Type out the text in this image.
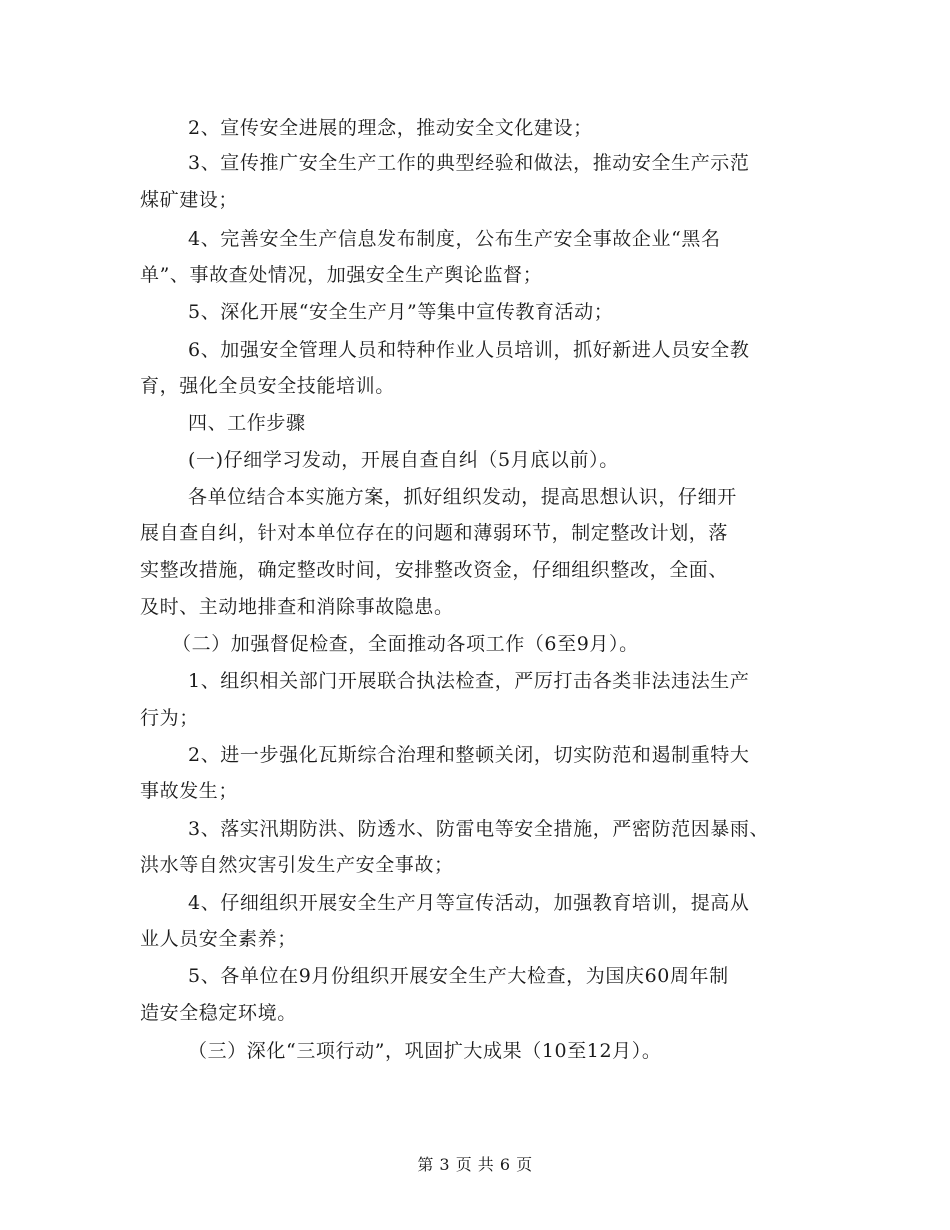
2、宣传安全进展的理念，推动安全文化建设；
3、宣传推广安全生产工作的典型经验和做法，推动安全生产示范
煤矿建设；
4、完善安全生产信息发布制度，公布生产安全事故企业“黑名
单”、事故查处情况，加强安全生产舆论监督；
5、深化开展“安全生产月”等集中宣传教育活动；
6、加强安全管理人员和特种作业人员培训，抓好新进人员安全教
育，强化全员安全技能培训。
四、工作步骤
(一)仔细学习发动，开展自查自纠（5月底以前）。
各单位结合本实施方案，抓好组织发动，提高思想认识，仔细开
展自查自纠，针对本单位存在的问题和薄弱环节，制定整改计划，落
实整改措施，确定整改时间，安排整改资金，仔细组织整改，全面、
及时、主动地排查和消除事故隐患。
（二）加强督促检查，全面推动各项工作（6至9月）。
1、组织相关部门开展联合执法检查，严厉打击各类非法违法生产
行为；
2、进一步强化瓦斯综合治理和整顿关闭，切实防范和遏制重特大
事故发生；
3、落实汛期防洪、防透水、防雷电等安全措施，严密防范因暴雨、
洪水等自然灾害引发生产安全事故；
4、仔细组织开展安全生产月等宣传活动，加强教育培训，提高从
业人员安全素养；
5、各单位在9月份组织开展安全生产大检查，为国庆60周年制
造安全稳定环境。
（三）深化“三项行动”，巩固扩大成果（10至12月）。
第 3 页 共 6 页
